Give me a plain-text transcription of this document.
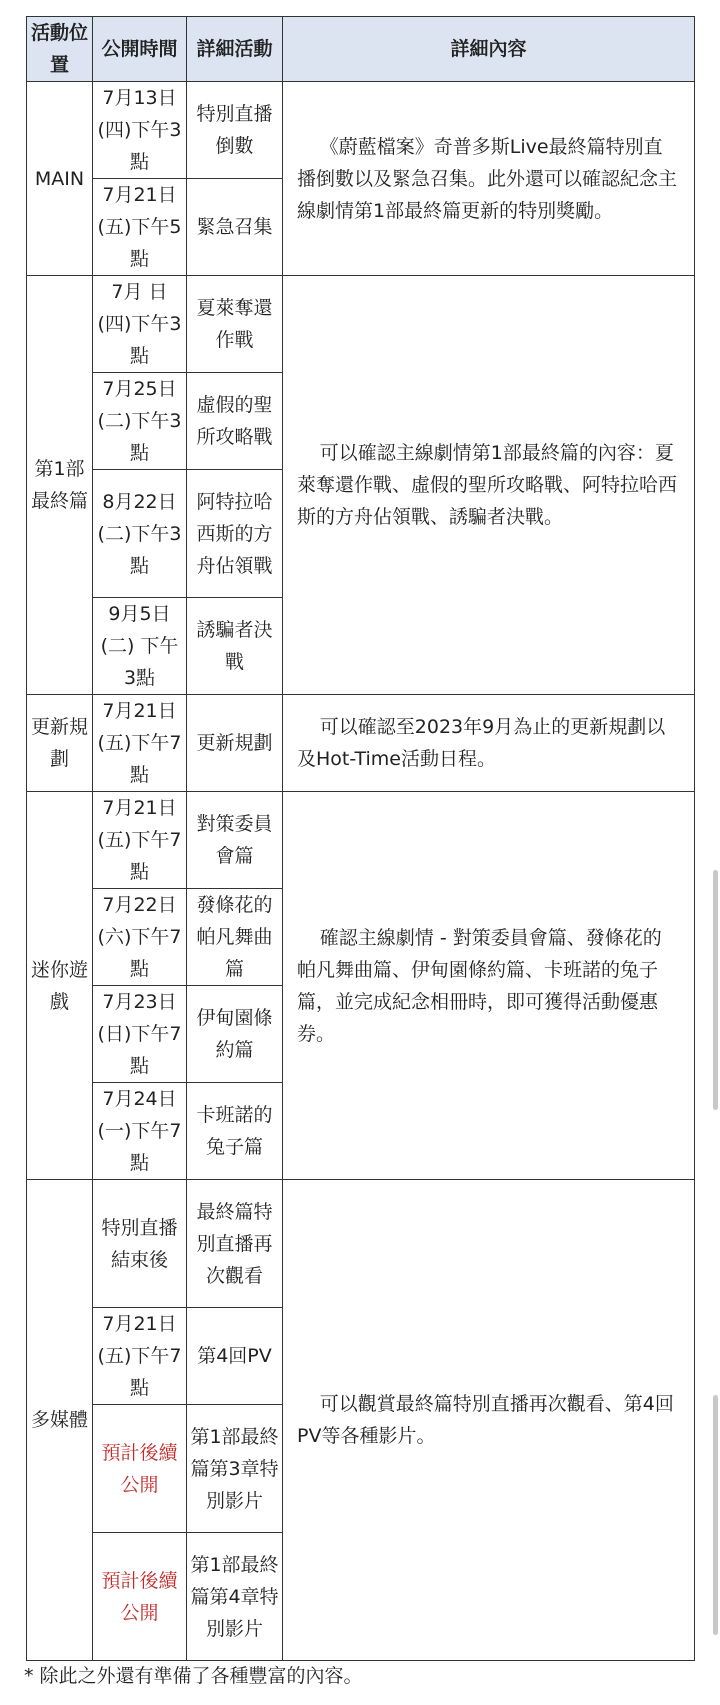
活動位置	公開時間	詳細活動	詳細內容
MAIN	7月13日(四)下午3點	特別直播倒數	《蔚藍檔案》奇普多斯Live最終篇特別直播倒數以及緊急召集。此外還可以確認紀念主線劇情第1部最終篇更新的特別獎勵。
	7月21日(五)下午5點	緊急召集	
第1部最終篇	7月 日(四)下午3點	夏萊奪還作戰	可以確認主線劇情第1部最終篇的內容：夏萊奪還作戰、虛假的聖所攻略戰、阿特拉哈西斯的方舟佔領戰、誘騙者決戰。
	7月25日(二)下午3點	虛假的聖所攻略戰	
	8月22日(二)下午3點	阿特拉哈西斯的方舟佔領戰	
	9月5日(二) 下午3點	誘騙者決戰	
更新規劃	7月21日(五)下午7點	更新規劃	可以確認至2023年9月為止的更新規劃以及Hot-Time活動日程。
迷你遊戲	7月21日(五)下午7點	對策委員會篇	確認主線劇情 - 對策委員會篇、發條花的帕凡舞曲篇、伊甸園條約篇、卡班諾的兔子篇，並完成紀念相冊時，即可獲得活動優惠券。
	7月22日(六)下午7點	發條花的帕凡舞曲篇	
	7月23日(日)下午7點	伊甸園條約篇	
	7月24日(一)下午7點	卡班諾的兔子篇	
多媒體	特別直播結束後	最終篇特別直播再次觀看	可以觀賞最終篇特別直播再次觀看、第4回PV等各種影片。
	7月21日(五)下午7點	第4回PV	
	預計後續公開	第1部最終篇第3章特別影片	
	預計後續公開	第1部最終篇第4章特別影片	
* 除此之外還有準備了各種豐富的內容。
